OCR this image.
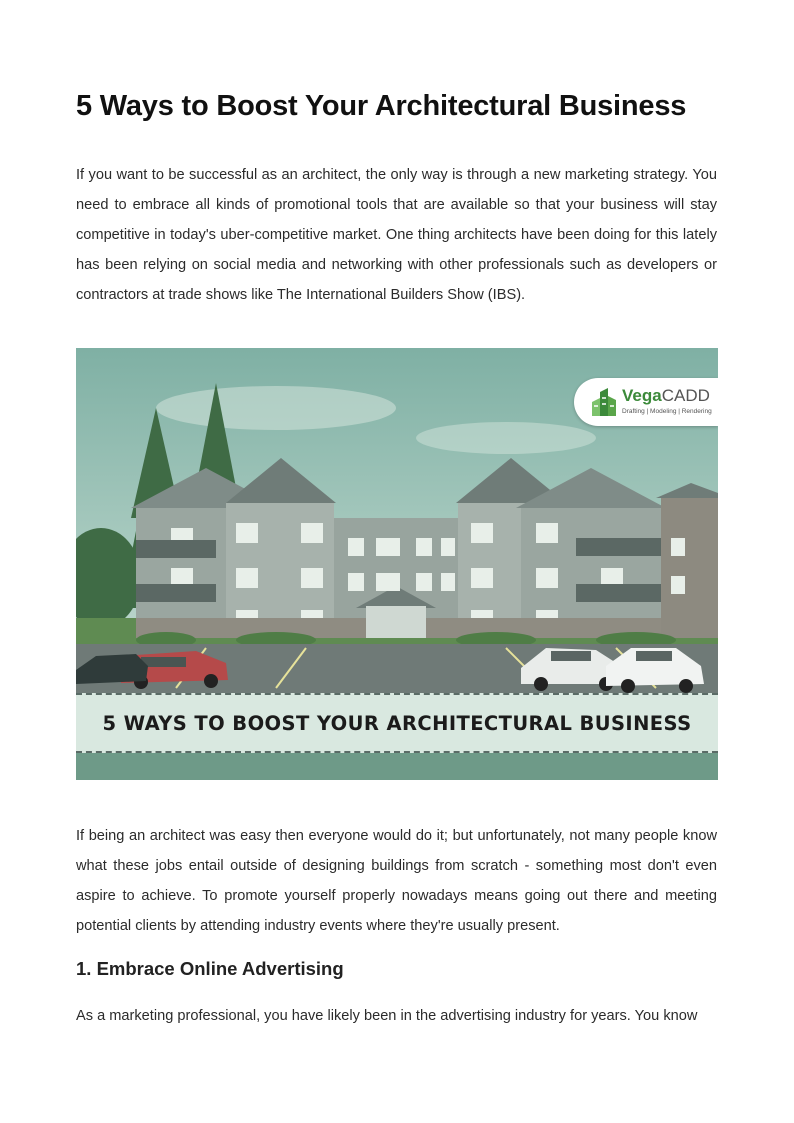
5 Ways to Boost Your Architectural Business

If you want to be successful as an architect, the only way is through a new marketing strategy. You need to embrace all kinds of promotional tools that are available so that your business will stay competitive in today's uber-competitive market. One thing architects have been doing for this lately has been relying on social media and networking with other professionals such as developers or contractors at trade shows like The International Builders Show (IBS).

VegaCADD
Drafting | Modeling | Rendering
5 WAYS TO BOOST YOUR ARCHITECTURAL BUSINESS

If being an architect was easy then everyone would do it; but unfortunately, not many people know what these jobs entail outside of designing buildings from scratch - something most don't even aspire to achieve. To promote yourself properly nowadays means going out there and meeting potential clients by attending industry events where they're usually present.

1. Embrace Online Advertising

As a marketing professional, you have likely been in the advertising industry for years. You know
